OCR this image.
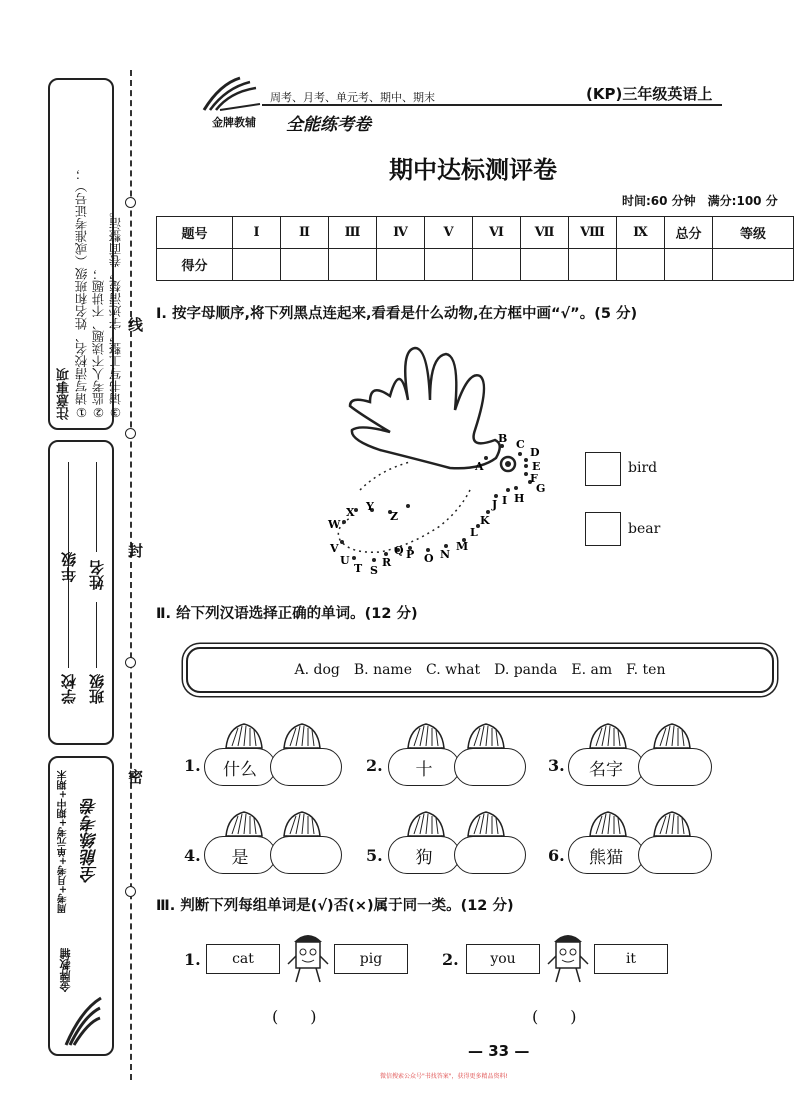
注意事项 ①请写清校名、姓名和班级（或准考证号）； ②监考人不读题、不讲题； ③请书写工整，字迹清楚，卷面整洁。
学校
年级
班级
姓名
周考+月考+单元考+期中+期末 全能练考卷
金牌教辅
线
封
密
金牌教辅
周考、月考、单元考、期中、期末	(KP)三年级英语上
全能练考卷
期中达标测评卷
时间:60 分钟　满分:100 分
题号	Ⅰ	Ⅱ	Ⅲ	Ⅳ	Ⅴ	Ⅵ	Ⅶ	Ⅷ	Ⅸ	总分	等级
得分											
Ⅰ. 按字母顺序,将下列黑点连起来,看看是什么动物,在方框中画“√”。(5 分)
A
B C
D
E
F
G
H
I
J
K
L
M
N
O
P
Q
R
S
T
U
V
W
X Y
Z
bird
bear
Ⅱ. 给下列汉语选择正确的单词。(12 分)
A. dog B. name C. what D. panda E. am F. ten
1.	什么	2.	十	3.	名字
4.	是	5.	狗	6.	熊猫
Ⅲ. 判断下列每组单词是(√)否(×)属于同一类。(12 分)
1.	cat	pig
(　　)
2.	you	it
(　　)
— 33 —
微信搜索公众号"书找答案"，获得更多精品资料!
